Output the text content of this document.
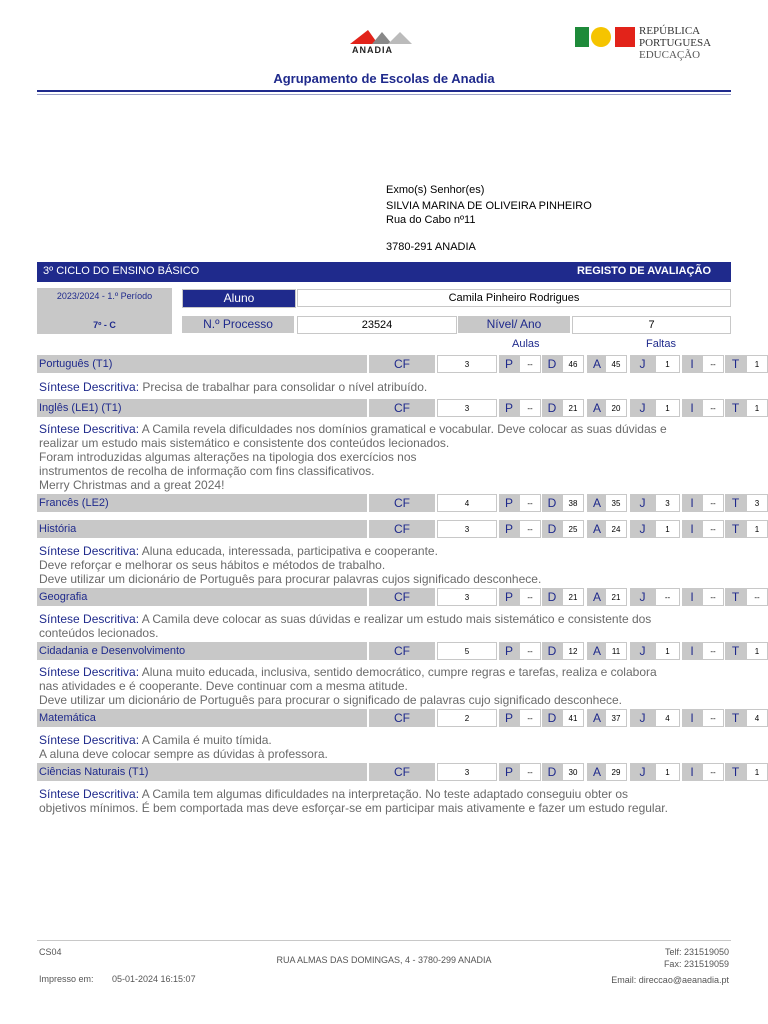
ANADIA
REPÚBLICA
PORTUGUESA
EDUCAÇÃO
Agrupamento de Escolas de Anadia
Exmo(s) Senhor(es)
SILVIA MARINA DE OLIVEIRA PINHEIRO
Rua do Cabo nº11
3780-291 ANADIA
3º CICLO DO ENSINO BÁSICO	REGISTO DE AVALIAÇÃO
2023/2024 - 1.º Período
7º - C
Aluno	Camila Pinheiro Rodrigues
N.º Processo	23524	Nível/ Ano	7
Aulas	Faltas
Português (T1)	CF	3	P	--	D	46	A	45	J	1	I	--	T	1
Inglês (LE1) (T1)	CF	3	P	--	D	21	A	20	J	1	I	--	T	1
Francês (LE2)	CF	4	P	--	D	38	A	35	J	3	I	--	T	3
História	CF	3	P	--	D	25	A	24	J	1	I	--	T	1
Geografia	CF	3	P	--	D	21	A	21	J	--	I	--	T	--
Cidadania e Desenvolvimento	CF	5	P	--	D	12	A	11	J	1	I	--	T	1
Matemática	CF	2	P	--	D	41	A	37	J	4	I	--	T	4
Ciências Naturais (T1)	CF	3	P	--	D	30	A	29	J	1	I	--	T	1
Síntese Descritiva: Precisa de trabalhar para consolidar o nível atribuído.
Síntese Descritiva: A Camila revela dificuldades nos domínios gramatical e vocabular. Deve colocar as suas dúvidas e
realizar um estudo mais sistemático e consistente dos conteúdos lecionados.
Foram introduzidas algumas alterações na tipologia dos exercícios nos
instrumentos de recolha de informação com fins classificativos.
Merry Christmas and a great 2024!
Síntese Descritiva: Aluna educada, interessada, participativa e cooperante.
Deve reforçar e melhorar os seus hábitos e métodos de trabalho.
Deve utilizar um dicionário de Português para procurar palavras cujos significado desconhece.
Síntese Descritiva: A Camila deve colocar as suas dúvidas e realizar um estudo mais sistemático e consistente dos
conteúdos lecionados.
Síntese Descritiva: Aluna muito educada, inclusiva, sentido democrático, cumpre regras e tarefas, realiza e colabora
nas atividades e é cooperante. Deve continuar com a mesma atitude.
Deve utilizar um dicionário de Português para procurar o significado de palavras cujo significado desconhece.
Síntese Descritiva: A Camila é muito tímida.
A aluna deve colocar sempre as dúvidas à professora.
Síntese Descritiva: A Camila tem algumas dificuldades na interpretação. No teste adaptado conseguiu obter os
objetivos mínimos. É bem comportada mas deve esforçar-se em participar mais ativamente e fazer um estudo regular.
CS04
Impresso em: 05-01-2024 16:15:07
RUA ALMAS DAS DOMINGAS, 4 - 3780-299 ANADIA
Telf: 231519050
Fax: 231519059
Email: direccao@aeanadia.pt
